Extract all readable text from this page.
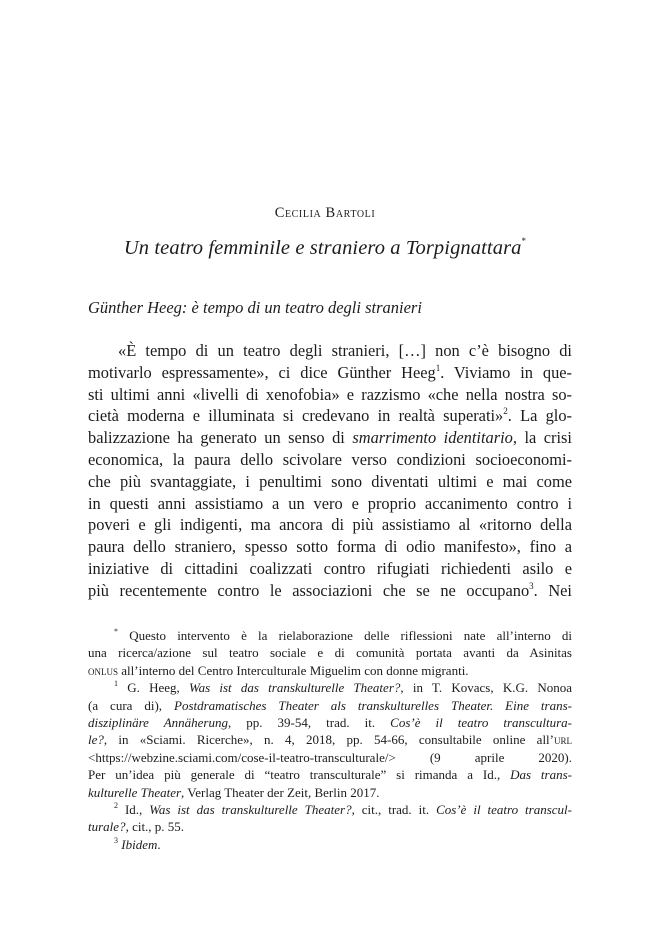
Cecilia Bartoli
Un teatro femminile e straniero a Torpignattara*
Günther Heeg: è tempo di un teatro degli stranieri
«È tempo di un teatro degli stranieri, […] non c’è bisogno di
motivarlo espressamente», ci dice Günther Heeg$^1$. Viviamo in que-
sti ultimi anni «livelli di xenofobia» e razzismo «che nella nostra so-
cietà moderna e illuminata si credevano in realtà superati»$^2$. La glo-
balizzazione ha generato un senso di smarrimento identitario, la crisi
economica, la paura dello scivolare verso condizioni socioeconomi-
che più svantaggiate, i penultimi sono diventati ultimi e mai come
in questi anni assistiamo a un vero e proprio accanimento contro i
poveri e gli indigenti, ma ancora di più assistiamo al «ritorno della
paura dello straniero, spesso sotto forma di odio manifesto», fino a
iniziative di cittadini coalizzati contro rifugiati richiedenti asilo e
più recentemente contro le associazioni che se ne occupano$^3$. Nei
* Questo intervento è la rielaborazione delle riflessioni nate all’interno di
una ricerca/azione sul teatro sociale e di comunità portata avanti da Asinitas
onlus all’interno del Centro Interculturale Miguelim con donne migranti.
$^1$ G. Heeg, Was ist das transkulturelle Theater?, in T. Kovacs, K.G. Nonoa
(a cura di), Postdramatisches Theater als transkulturelles Theater. Eine trans-
disziplinäre Annäherung, pp. 39-54, trad. it. Cos’è il teatro transcultura-
le?, in «Sciami. Ricerche», n. 4, 2018, pp. 54-66, consultabile online all’url
<https://webzine.sciami.com/cose-il-teatro-transculturale/> (9 aprile 2020).
Per un’idea più generale di “teatro transculturale” si rimanda a Id., Das trans-
kulturelle Theater, Verlag Theater der Zeit, Berlin 2017.
$^2$ Id., Was ist das transkulturelle Theater?, cit., trad. it. Cos’è il teatro transcul-
turale?, cit., p. 55.
$^3$ Ibidem.
